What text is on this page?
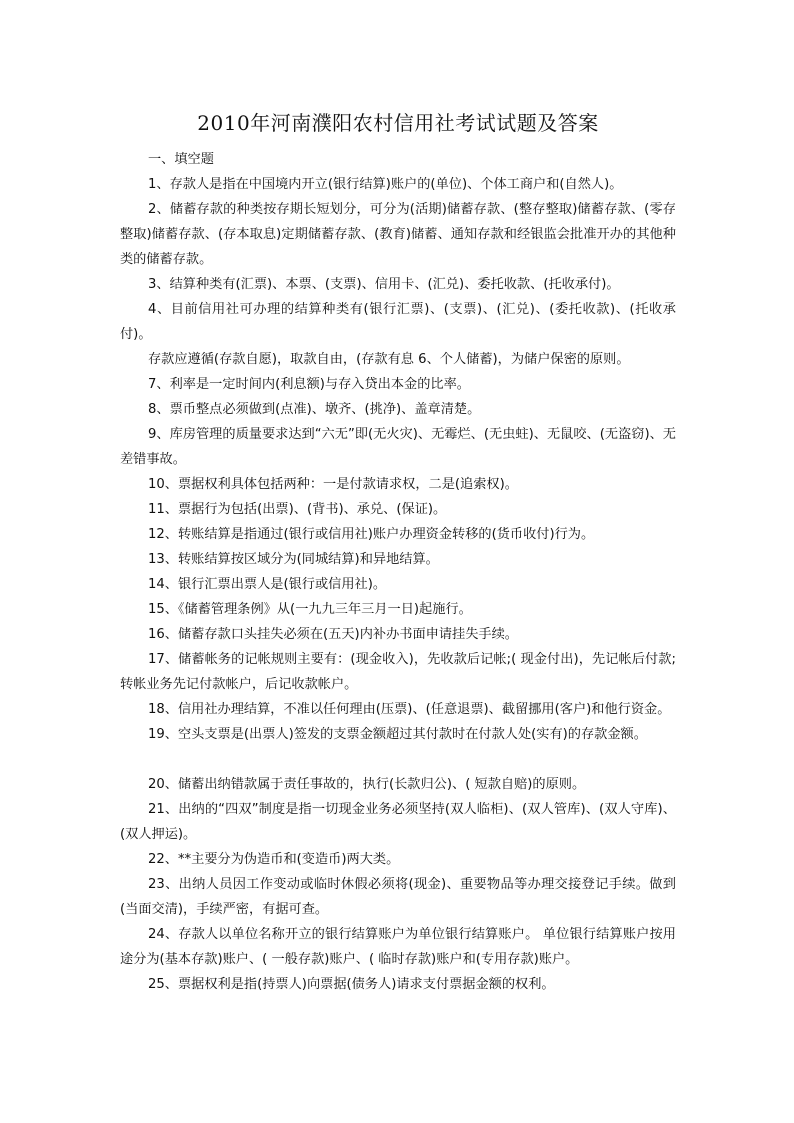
2010年河南濮阳农村信用社考试试题及答案

一、填空题

1、存款人是指在中国境内开立(银行结算)账户的(单位)、个体工商户和(自然人)。

2、储蓄存款的种类按存期长短划分，可分为(活期)储蓄存款、(整存整取)储蓄存款、(零存整取)储蓄存款、(存本取息)定期储蓄存款、(教育)储蓄、通知存款和经银监会批准开办的其他种类的储蓄存款。

3、结算种类有(汇票)、本票、(支票)、信用卡、(汇兑)、委托收款、(托收承付)。

4、目前信用社可办理的结算种类有(银行汇票)、(支票)、(汇兑)、(委托收款)、(托收承付)。

存款应遵循(存款自愿)，取款自由，(存款有息 6、个人储蓄)，为储户保密的原则。

7、利率是一定时间内(利息额)与存入贷出本金的比率。

8、票币整点必须做到(点准)、墩齐、(挑净)、盖章清楚。

9、库房管理的质量要求达到“六无”即(无火灾)、无霉烂、(无虫蛀)、无鼠咬、(无盗窃)、无差错事故。

10、票据权利具体包括两种：一是付款请求权，二是(追索权)。

11、票据行为包括(出票)、(背书)、承兑、(保证)。

12、转账结算是指通过(银行或信用社)账户办理资金转移的(货币收付)行为。

13、转账结算按区域分为(同城结算)和异地结算。

14、银行汇票出票人是(银行或信用社)。

15、《储蓄管理条例》从(一九九三年三月一日)起施行。

16、储蓄存款口头挂失必须在(五天)内补办书面申请挂失手续。

17、储蓄帐务的记帐规则主要有：(现金收入)，先收款后记帐;( 现金付出)，先记帐后付款;转帐业务先记付款帐户，后记收款帐户。

18、信用社办理结算，不准以任何理由(压票)、(任意退票)、截留挪用(客户)和他行资金。

19、空头支票是(出票人)签发的支票金额超过其付款时在付款人处(实有)的存款金额。

20、储蓄出纳错款属于责任事故的，执行(长款归公)、( 短款自赔)的原则。

21、出纳的“四双”制度是指一切现金业务必须坚持(双人临柜)、(双人管库)、(双人守库)、(双人押运)。

22、**主要分为伪造币和(变造币)两大类。

23、出纳人员因工作变动或临时休假必须将(现金)、重要物品等办理交接登记手续。做到(当面交清)，手续严密，有据可查。

24、存款人以单位名称开立的银行结算账户为单位银行结算账户。 单位银行结算账户按用途分为(基本存款)账户、( 一般存款)账户、( 临时存款)账户和(专用存款)账户。

25、票据权利是指(持票人)向票据(债务人)请求支付票据金额的权利。
